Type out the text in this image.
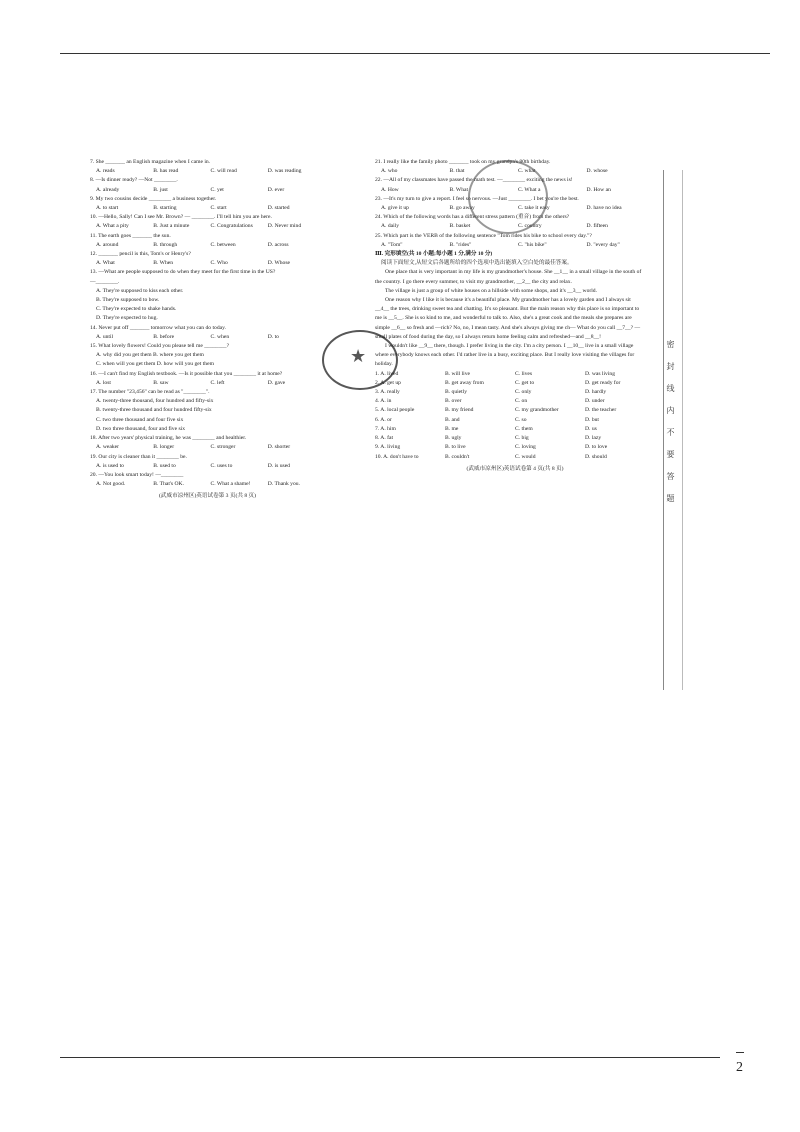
7. She _______ an English magazine when I came in.
A. reads	B. has read	C. will read	D. was reading
8. —Is dinner ready? —Not ________.
A. already	B. just	C. yet	D. ever
9. My two cousins decide ________ a business together.
A. to start	B. starting	C. start	D. started
10. —Hello, Sally! Can I see Mr. Brown? — ________. I'll tell him you are here.
A. What a pity	B. Just a minute	C. Congratulations	D. Never mind
11. The earth goes _______ the sun.
A. around	B. through	C. between	D. across
12. _______ pencil is this, Tom's or Henry's?
A. What	B. When	C. Who	D. Whose
13. —What are people supposed to do when they meet for the first time in the US?
—________.
A. They're supposed to kiss each other.
B. They're supposed to bow.
C. They're expected to shake hands.
D. They're expected to hug.
14. Never put off _______ tomorrow what you can do today.
A. until	B. before	C. when	D. to
15. What lovely flowers! Could you please tell me ________?
A. why did you get them B. where you get them
C. when will you get them D. how will you get them
16. —I can't find my English textbook. —Is it possible that you ________ it at home?
A. lost	B. saw	C. left	D. gave
17. The number "23,456" can be read as "________".
A. twenty-three thousand, four hundred and fifty-six
B. twenty-three thousand and four hundred fifty-six
C. two three thousand and four five six
D. two three thousand, four and five six
18. After two years' physical training, he was ________ and healthier.
A. weaker	B. longer	C. stronger	D. shorter
19. Our city is cleaner than it ________ be.
A. is used to	B. used to	C. uses to	D. is used
20. —You look smart today! —________
A. Not good.	B. That's OK.	C. What a shame!	D. Thank you.
(武威市凉州区)英语试卷第 3 页(共 8 页)
21. I really like the family photo _______ took on my grandpa's 80th birthday.
A. who	B. that	C. what	D. whose
22. —All of my classmates have passed the math test. —________ exciting the news is!
A. How	B. What	C. What a	D. How an
23. —It's my turn to give a report. I feel so nervous. —Just ________. I bet you're the best.
A. give it up	B. go away	C. take it easy	D. have no idea
24. Which of the following words has a different stress pattern (重音) from the others?
A. daily	B. basket	C. country	D. fifteen
25. Which part is the VERB of the following sentence "Tom rides his bike to school every day."?
A. "Tom"	B. "rides"	C. "his bike"	D. "every day"
Ⅲ. 完形填空(共 10 小题;每小题 1 分,满分 10 分)
阅读下面短文,从短文后各题所给的四个选项中选出能填入空白处的最佳答案。
One place that is very important in my life is my grandmother's house. She __1__ in a small village in the south of the country. I go there every summer, to visit my grandmother, __2__ the city and relax.
The village is just a group of white houses on a hillside with some shops, and it's __3__ world.
One reason why I like it is because it's a beautiful place. My grandmother has a lovely garden and I always sit __4__ the trees, drinking sweet tea and chatting. It's so pleasant. But the main reason why this place is so important to me is __5__. She is so kind to me, and wonderful to talk to. Also, she's a great cook and the meals she prepares are simple __6__ so fresh and —rich? No, no, I mean tasty. And she's always giving me ch— What do you call __7__? —small plates of food during the day, so I always return home feeling calm and refreshed—and __8__!
I wouldn't like __9__ there, though. I prefer living in the city. I'm a city person. I __10__ live in a small village where everybody knows each other. I'd rather live in a busy, exciting place. But I really love visiting the villages for holiday.
1. A. lived	B. will live	C. lives	D. was living
2. A. get up	B. get away from	C. get to	D. get ready for
3. A. really	B. quietly	C. only	D. hardly
4. A. in	B. over	C. on	D. under
5. A. local people	B. my friend	C. my grandmother	D. the teacher
6. A. or	B. and	C. so	D. but
7. A. him	B. me	C. them	D. us
8. A. fat	B. ugly	C. big	D. lazy
9. A. living	B. to live	C. loving	D. to love
10. A. don't have to	B. couldn't	C. would	D. should
(武威市凉州区)英语试卷第 4 页(共 8 页)
★	密 封 线 内 不 要 答 题
2
